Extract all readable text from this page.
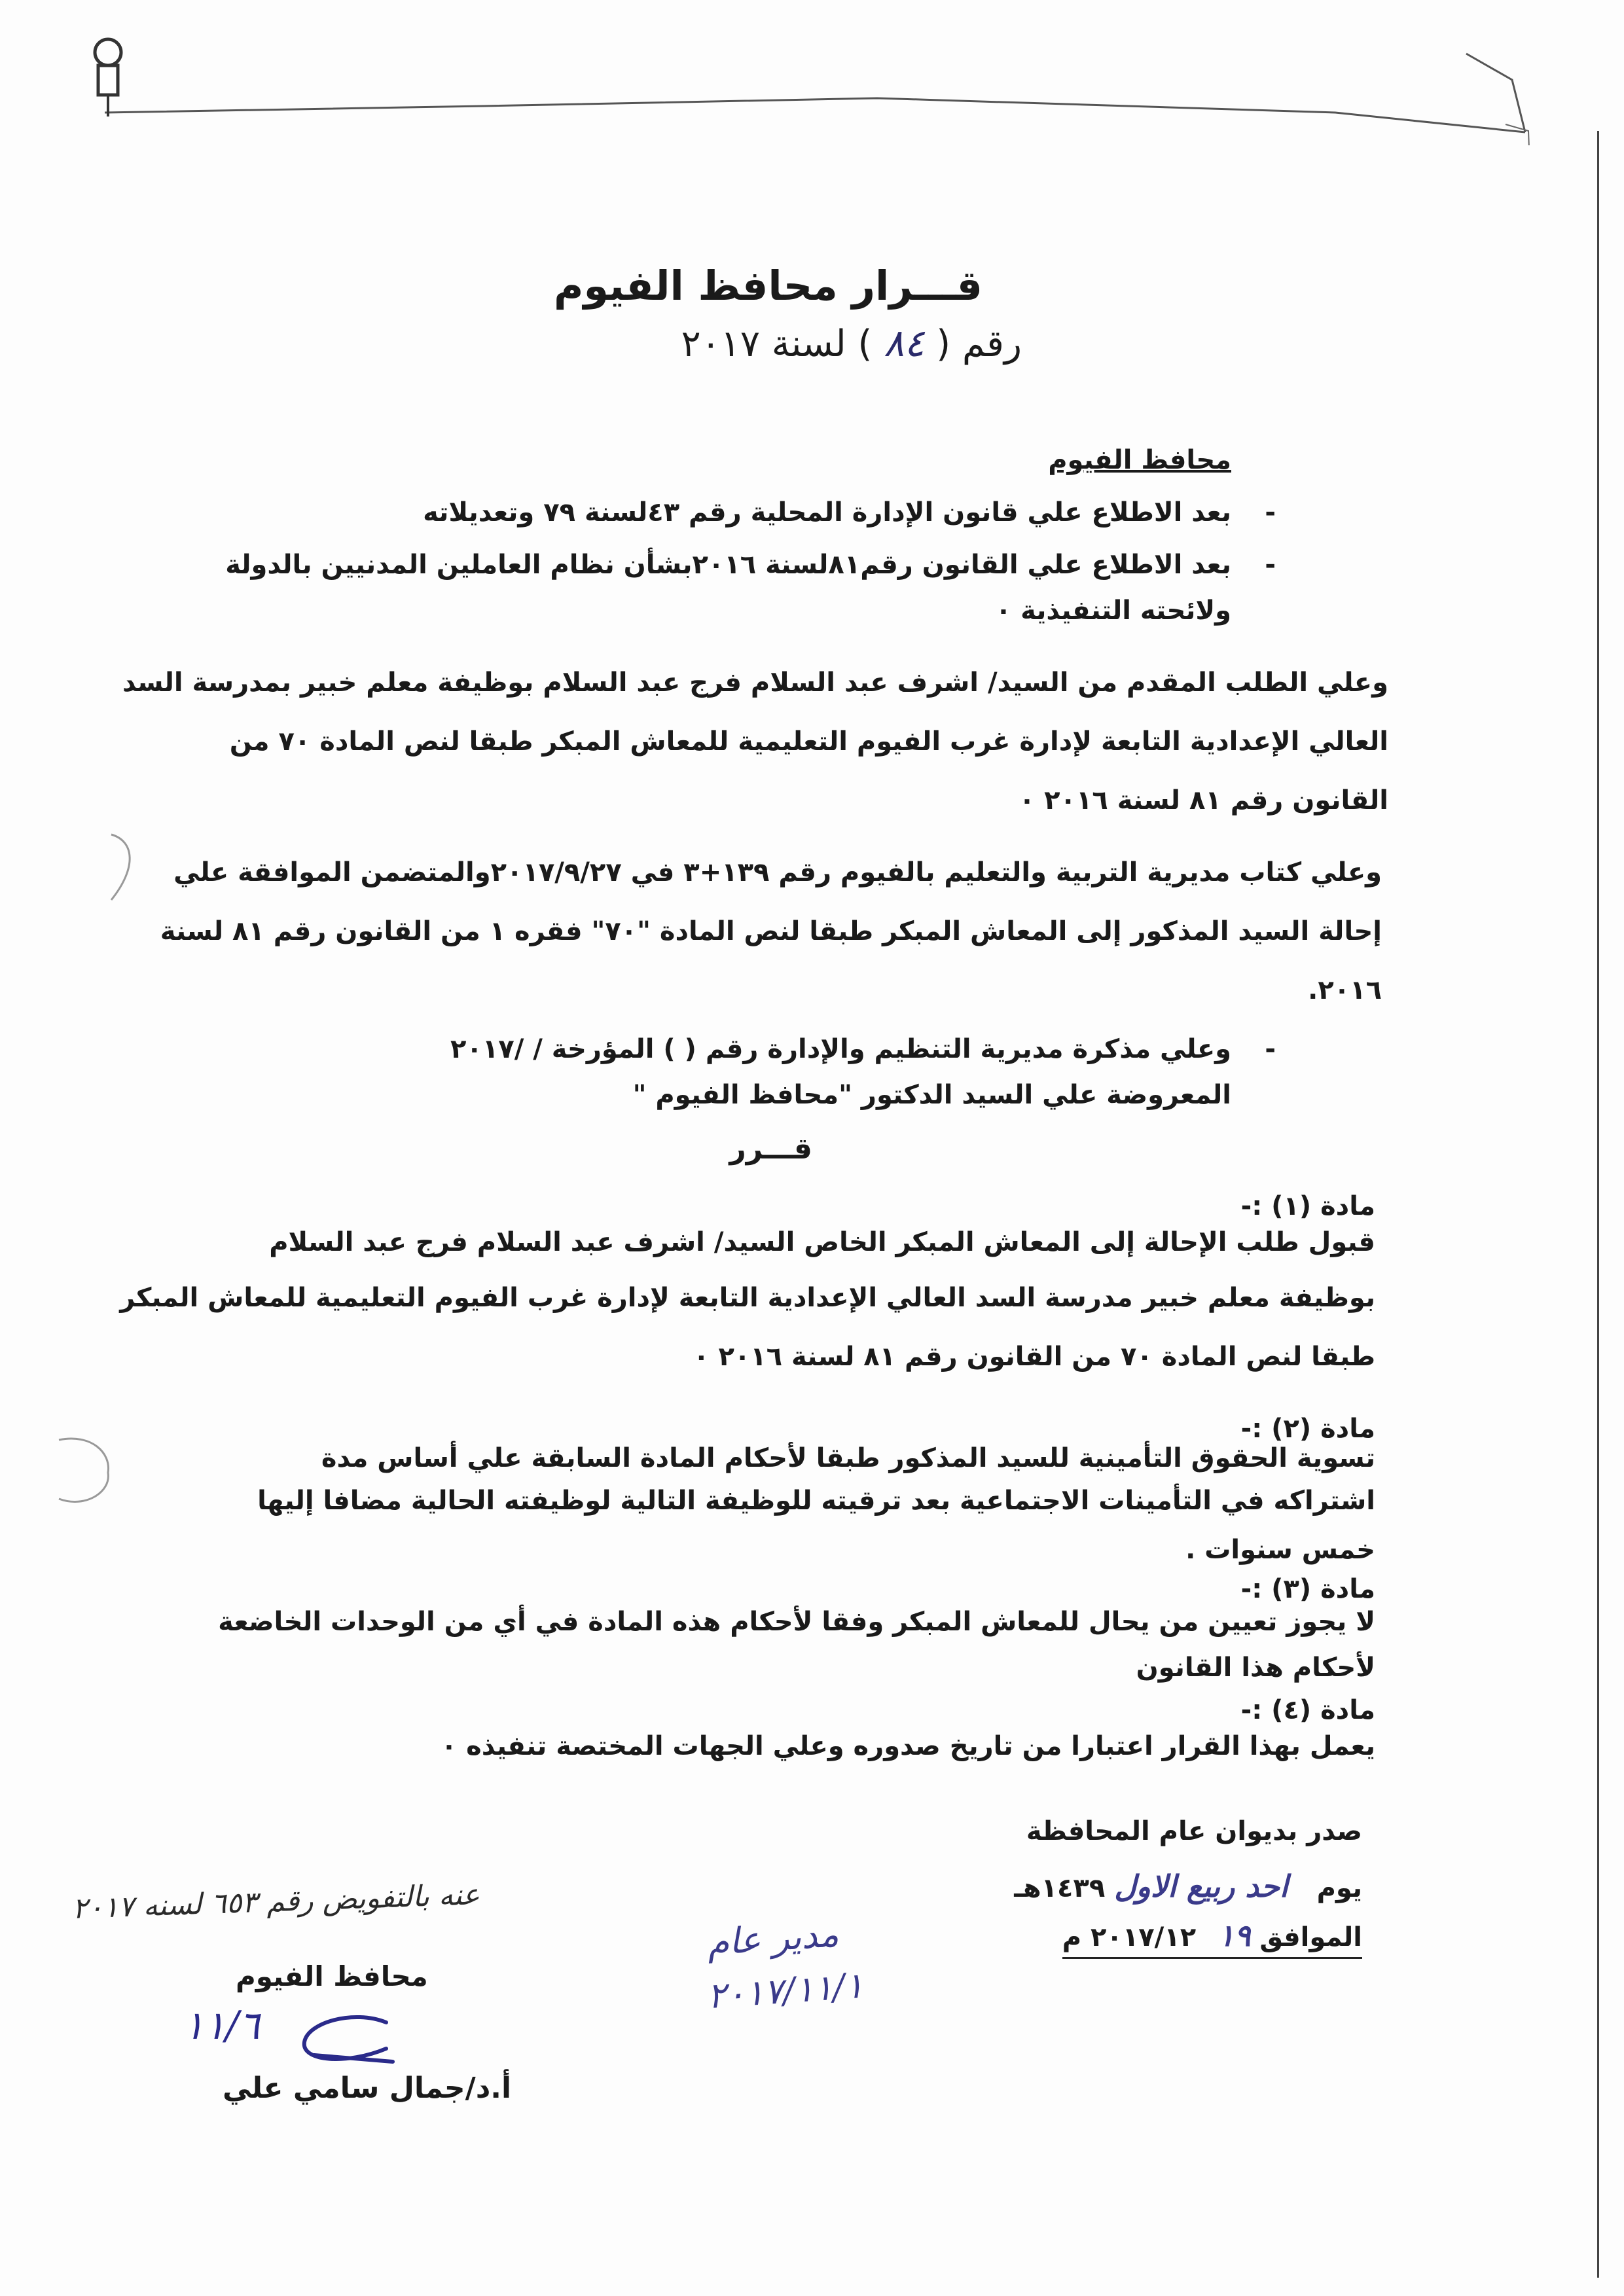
قـــرار محافظ الفيوم
رقم ( ٨٤ ) لسنة ٢٠١٧
محافظ الفيوم
- بعد الاطلاع علي قانون الإدارة المحلية رقم ٤٣لسنة ٧٩ وتعديلاته
- بعد الاطلاع علي القانون رقم٨١لسنة ٢٠١٦بشأن نظام العاملين المدنيين بالدولة
ولائحته التنفيذية ٠
وعلي الطلب المقدم من السيد/ اشرف عبد السلام فرج عبد السلام بوظيفة معلم خبير بمدرسة السد
العالي الإعدادية التابعة لإدارة غرب الفيوم التعليمية للمعاش المبكر طبقا لنص المادة ٧٠ من
القانون رقم ٨١ لسنة ٢٠١٦ ٠
وعلي كتاب مديرية التربية والتعليم بالفيوم رقم ١٣٩+٣ في ٢٠١٧/٩/٢٧والمتضمن الموافقة علي
إحالة السيد المذكور إلى المعاش المبكر طبقا لنص المادة "٧٠" فقره ١ من القانون رقم ٨١ لسنة
٢٠١٦.
- وعلي مذكرة مديرية التنظيم والإدارة رقم ( ) المؤرخة / /٢٠١٧
المعروضة علي السيد الدكتور "محافظ الفيوم "
قـــرر
مادة (١) :-
قبول طلب الإحالة إلى المعاش المبكر الخاص السيد/ اشرف عبد السلام فرج عبد السلام
بوظيفة معلم خبير مدرسة السد العالي الإعدادية التابعة لإدارة غرب الفيوم التعليمية للمعاش المبكر
طبقا لنص المادة ٧٠ من القانون رقم ٨١ لسنة ٢٠١٦ ٠
مادة (٢) :-
تسوية الحقوق التأمينية للسيد المذكور طبقا لأحكام المادة السابقة علي أساس مدة
اشتراكه في التأمينات الاجتماعية بعد ترقيته للوظيفة التالية لوظيفته الحالية مضافا إليها
خمس سنوات .
مادة (٣) :-
لا يجوز تعيين من يحال للمعاش المبكر وفقا لأحكام هذه المادة في أي من الوحدات الخاضعة
لأحكام هذا القانون
مادة (٤) :-
يعمل بهذا القرار اعتبارا من تاريخ صدوره وعلي الجهات المختصة تنفيذه ٠
صدر بديوان عام المحافظة
يوم احد ربيع الاول ١٤٣٩هـ
الموافق ١٩ ٢٠١٧/١٢ م
مدير عام
٢٠١٧/١١/١
عنه بالتفويض رقم ٦٥٣ لسنه ٢٠١٧
محافظ الفيوم
١١/٦
أ.د/جمال سامي علي
